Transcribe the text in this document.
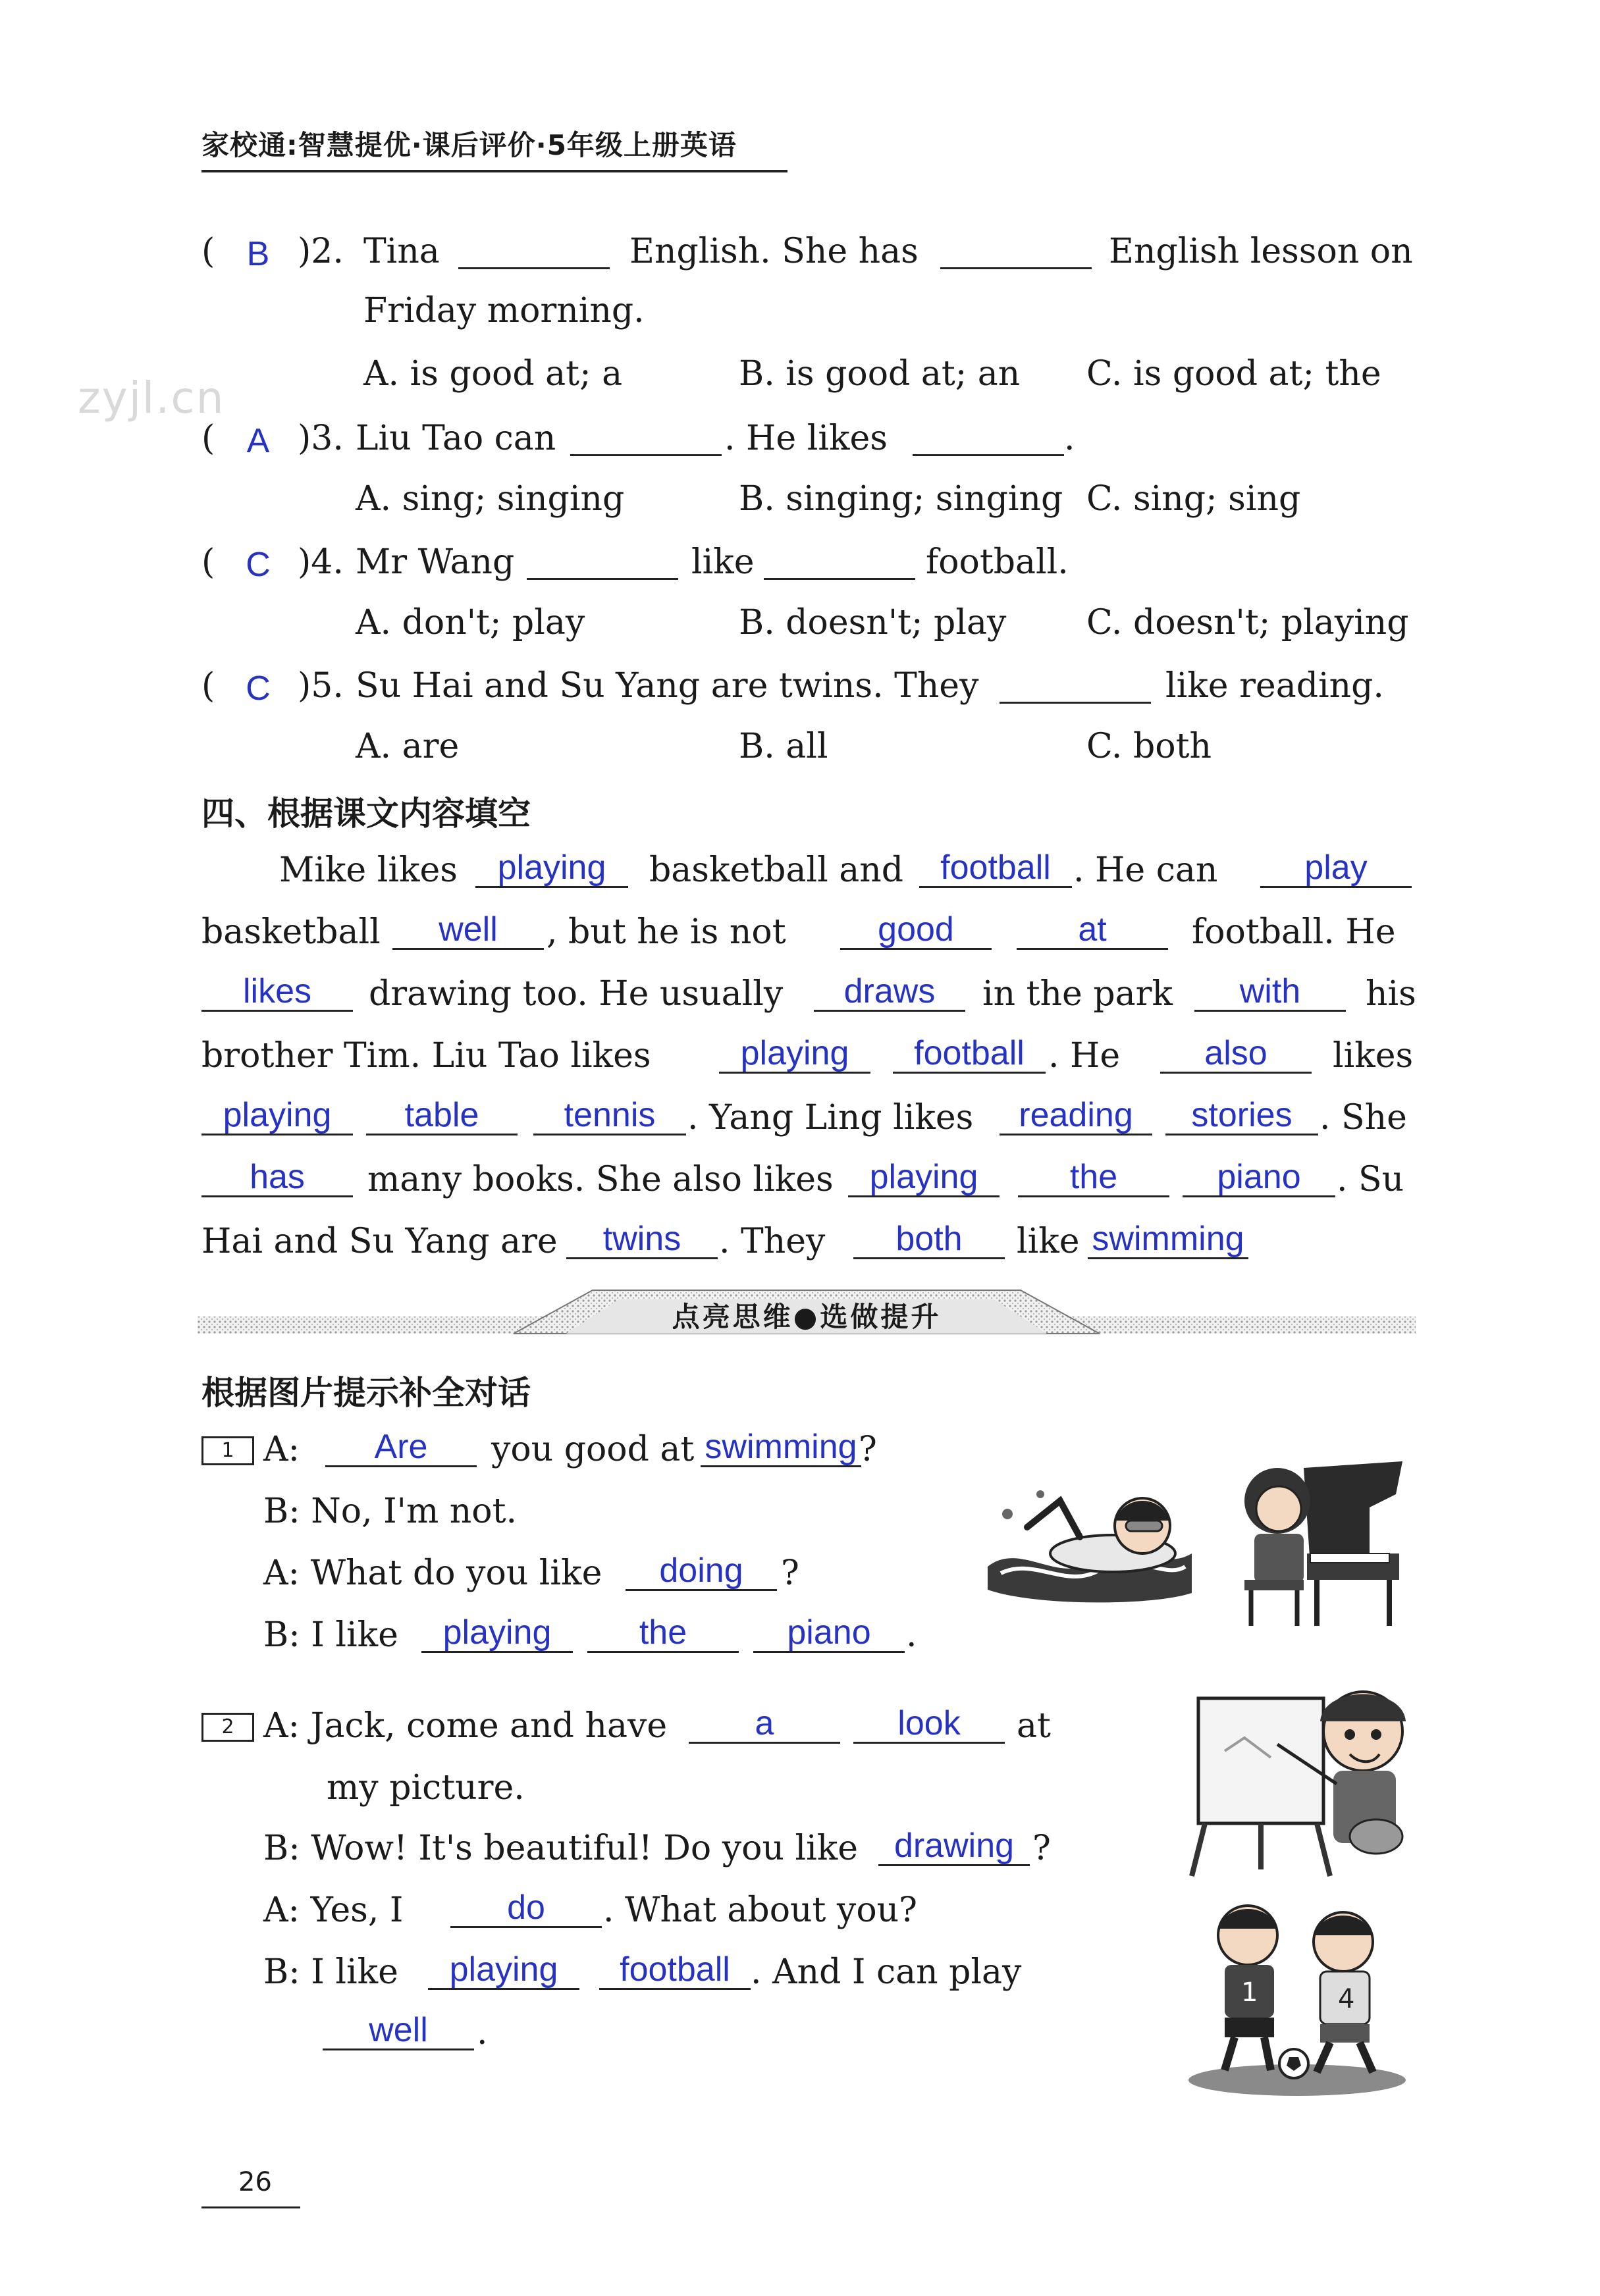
家校通:智慧提优·课后评价·5年级上册英语
zyjl.cn
( B )2. Tina	English. She has	English lesson on
Friday morning.
A. is good at; a	B. is good at; an C. is good at; the
( A )3. Liu Tao can	. He likes	.
A. sing; singing	B. singing; singing C. sing; sing
( C )4. Mr Wang	like	football.
A. don't; play	B. doesn't; play C. doesn't; playing
( C )5. Su Hai and Su Yang are twins. They	like reading.
A. are	B. all	C. both
四、根据课文内容填空
Mike likes	playing	basketball and	football . He can	play
basketball	well	, but he is not	good	at	football. He
likes	drawing too. He usually	draws	in the park	with	his
brother Tim. Liu Tao likes	playing	football . He	also	likes
playing	table	tennis . Yang Ling likes	reading	stories . She
has	many books. She also likes	playing	the	piano	. Su
Hai and Su Yang are	twins	. They	both	like swimming
点亮思维●选做提升
根据图片提示补全对话
1 A:	Are	you good at swimming ?
B: No, I'm not.
A: What do you like	doing	?
B: I like	playing	the	piano	.
2 A: Jack, come and have	a	look	at
my picture.
B: Wow! It's beautiful! Do you like	drawing ?
A: Yes, I	do	. What about you?
B: I like	playing	football . And I can play
well	.
1	4
26
